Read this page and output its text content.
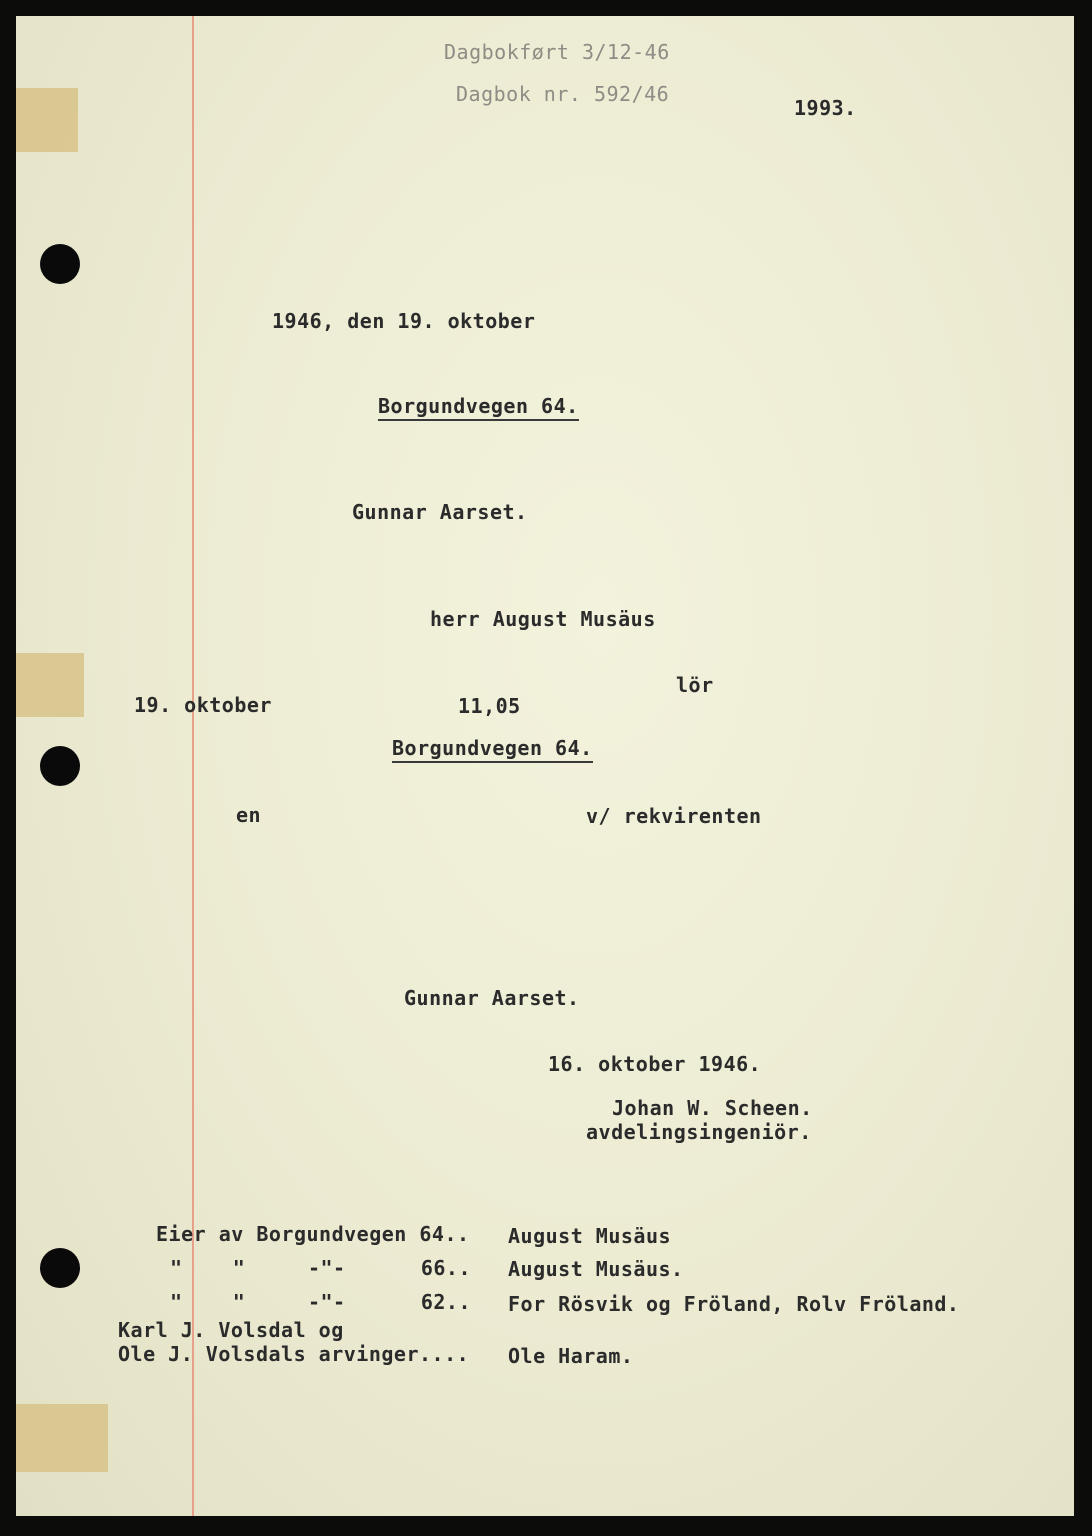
Dagbokført 3/12-46
Dagbok nr. 592/46
1993.
1946, den 19. oktober
Borgundvegen 64.
Gunnar Aarset.
herr August Musäus
lör
19. oktober	11,05
Borgundvegen 64.
en	v/ rekvirenten
Gunnar Aarset.
16. oktober 1946.
Johan W. Scheen.
avdelingsingeniör.
Eier av Borgundvegen 64.. August Musäus
"    "     -"-      66.. August Musäus.
"    "     -"-      62.. For Rösvik og Fröland, Rolv Fröland.
Karl J. Volsdal og
Ole J. Volsdals arvinger.... Ole Haram.
